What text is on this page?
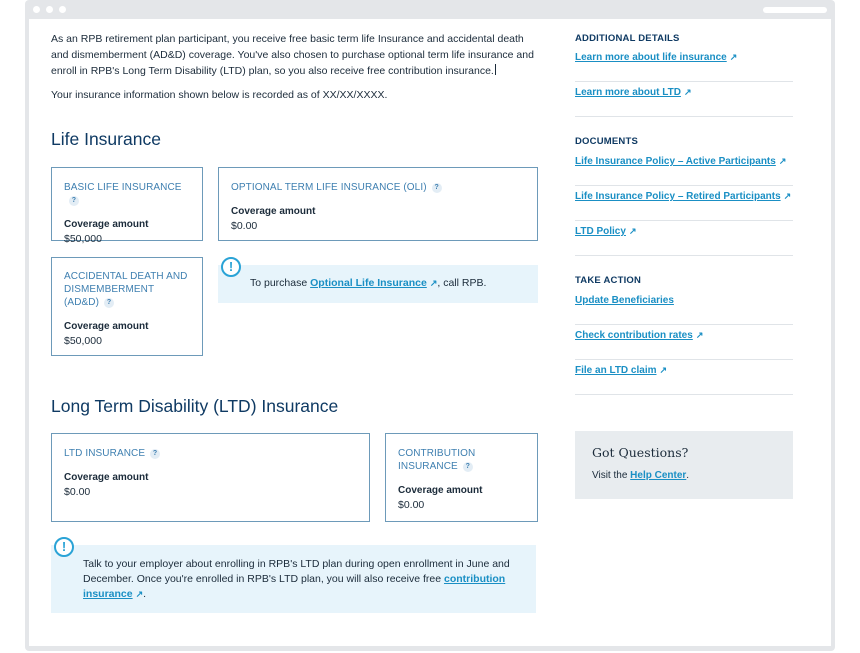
As an RPB retirement plan participant, you receive free basic term life Insurance and accidental death and dismemberment (AD&D) coverage. You've also chosen to purchase optional term life insurance and enroll in RPB's Long Term Disability (LTD) plan, so you also receive free contribution insurance.

Your insurance information shown below is recorded as of XX/XX/XXXX.

Life Insurance
BASIC LIFE INSURANCE?
Coverage amount
$50,000
OPTIONAL TERM LIFE INSURANCE (OLI) ?
Coverage amount
$0.00
ACCIDENTAL DEATH AND DISMEMBERMENT (AD&D) ?
Coverage amount
$50,000
!
To purchase Optional Life Insurance ↗, call RPB.
Long Term Disability (LTD) Insurance
LTD INSURANCE ?
Coverage amount
$0.00
CONTRIBUTION INSURANCE ?
Coverage amount
$0.00
!
Talk to your employer about enrolling in RPB's LTD plan during open enrollment in June and December. Once you're enrolled in RPB's LTD plan, you will also receive free contribution insurance ↗.
ADDITIONAL DETAILS
Learn more about life insurance ↗
Learn more about LTD ↗
DOCUMENTS
Life Insurance Policy – Active Participants ↗
Life Insurance Policy – Retired Participants ↗
LTD Policy ↗
TAKE ACTION
Update Beneficiaries
Check contribution rates ↗
File an LTD claim ↗
Got Questions?
Visit the Help Center.
